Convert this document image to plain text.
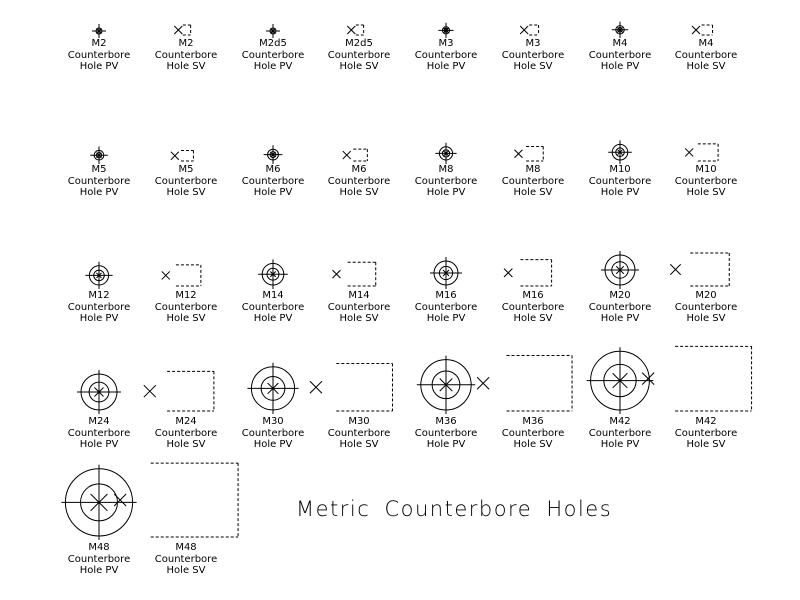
M2
Counterbore
Hole PV
M2
Counterbore
Hole SV
M2d5
Counterbore
Hole PV
M2d5
Counterbore
Hole SV
M3
Counterbore
Hole PV
M3
Counterbore
Hole SV
M4
Counterbore
Hole PV
M4
Counterbore
Hole SV
M5
Counterbore
Hole PV
M5
Counterbore
Hole SV
M6
Counterbore
Hole PV
M6
Counterbore
Hole SV
M8
Counterbore
Hole PV
M8
Counterbore
Hole SV
M10
Counterbore
Hole PV
M10
Counterbore
Hole SV
M12
Counterbore
Hole PV
M12
Counterbore
Hole SV
M14
Counterbore
Hole PV
M14
Counterbore
Hole SV
M16
Counterbore
Hole PV
M16
Counterbore
Hole SV
M20
Counterbore
Hole PV
M20
Counterbore
Hole SV
M24
Counterbore
Hole PV
M24
Counterbore
Hole SV
M30
Counterbore
Hole PV
M30
Counterbore
Hole SV
M36
Counterbore
Hole PV
M36
Counterbore
Hole SV
M42
Counterbore
Hole PV
M42
Counterbore
Hole SV
M48
Counterbore
Hole PV
M48
Counterbore
Hole SV
Metric Counterbore Holes
